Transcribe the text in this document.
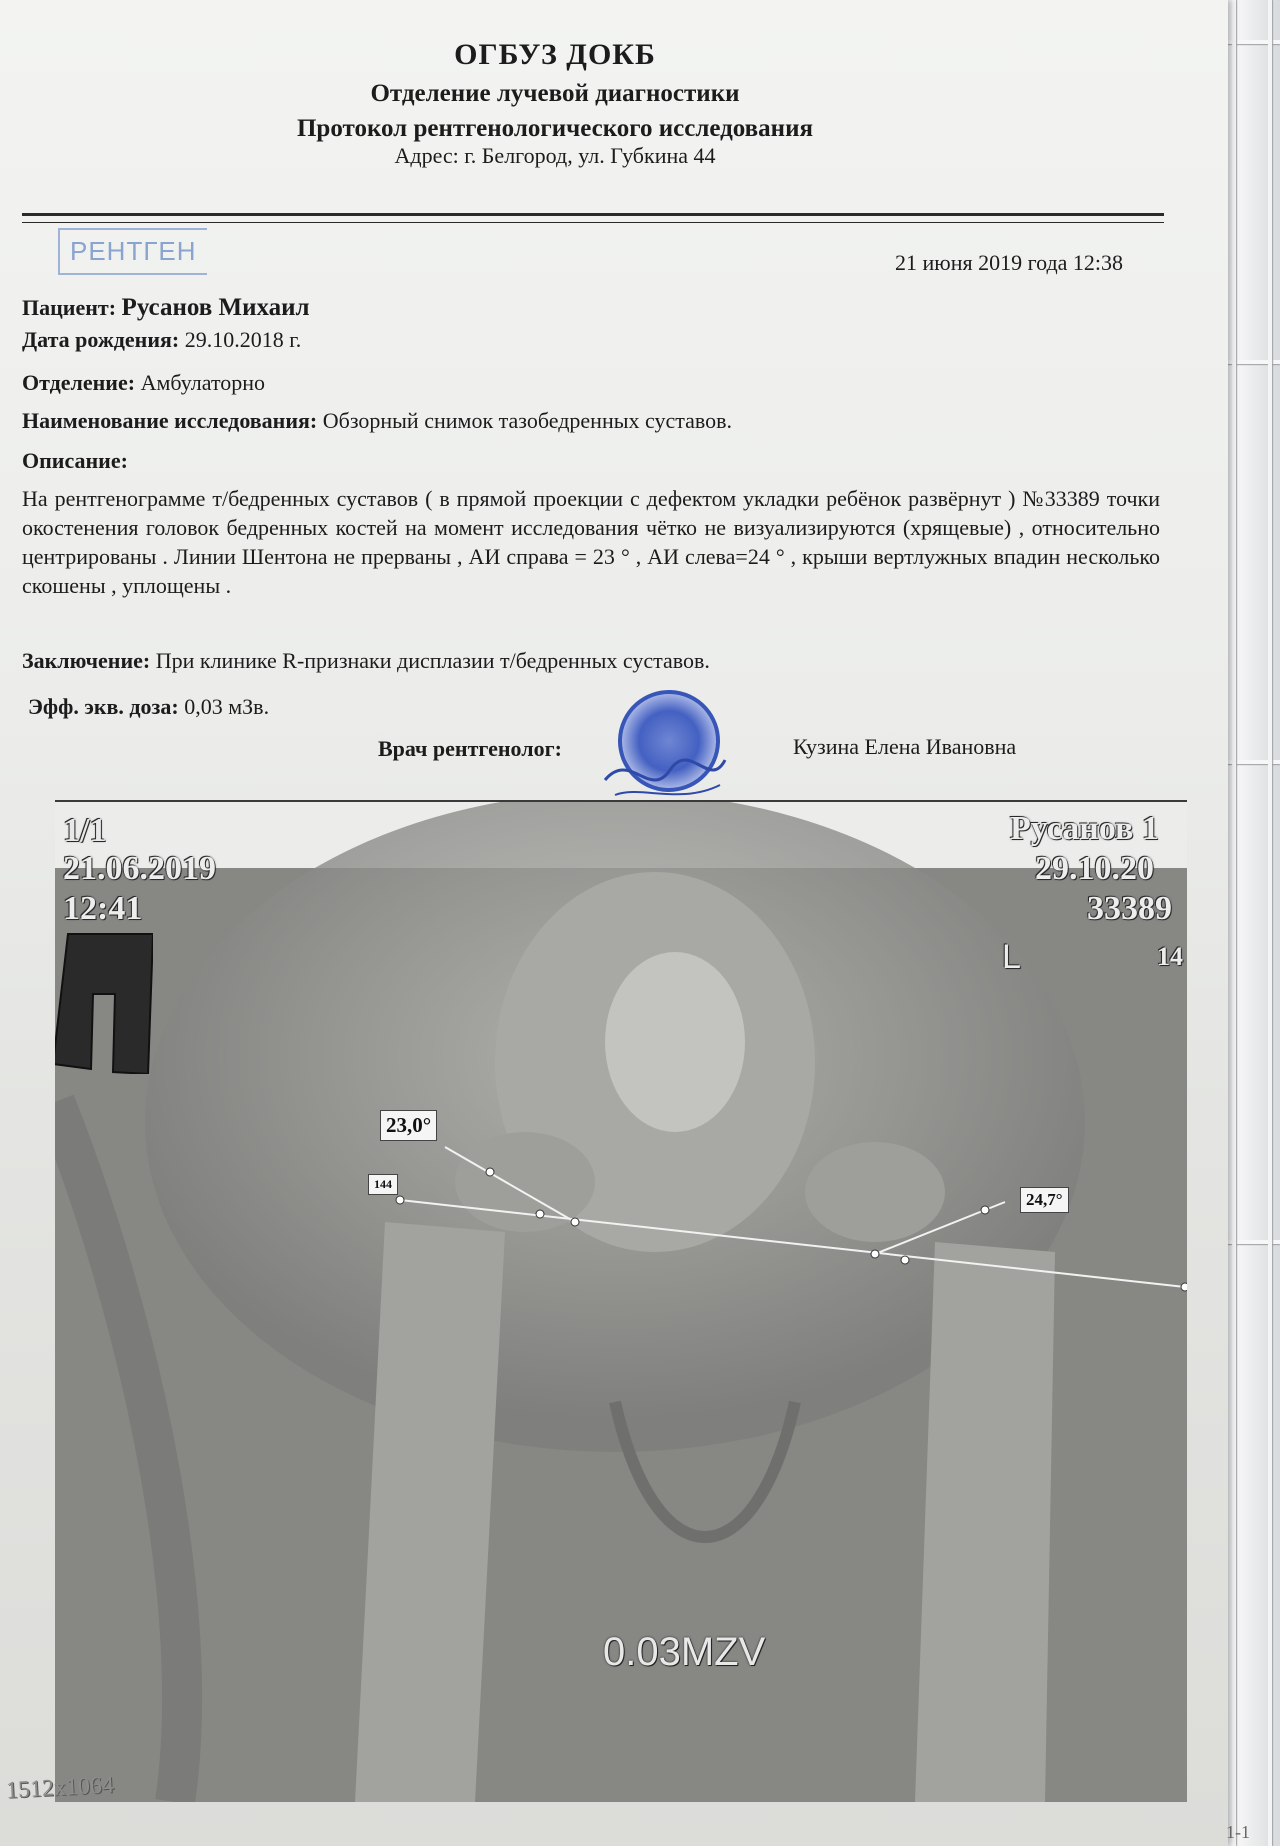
ОГБУЗ ДОКБ
Отделение лучевой диагностики
Протокол рентгенологического исследования
Адрес: г. Белгород, ул. Губкина 44
РЕНТГЕН	21 июня 2019 года 12:38
Пациент: Русанов Михаил
Дата рождения: 29.10.2018 г.
Отделение: Амбулаторно
Наименование исследования: Обзорный снимок тазобедренных суставов.
Описание:
На рентгенограмме т/бедренных суставов ( в прямой проекции с дефектом укладки ребёнок развёрнут ) №33389 точки окостенения головок бедренных костей на момент исследования чётко не визуализируются (хрящевые) , относительно центрированы . Линии Шентона не прерваны , АИ справа = 23 ° , АИ слева=24 ° , крыши вертлужных впадин несколько скошены , уплощены .
Заключение: При клинике R-признаки дисплазии т/бедренных суставов.
Эфф. экв. доза: 0,03 мЗв.
Врач рентгенолог:	Кузина Елена Ивановна
1/1
21.06.2019
12:41
Русанов 1
29.10.20
33389
L	14
23,0°
144
24,7°
0.03MZV
1512x1064
1-1
